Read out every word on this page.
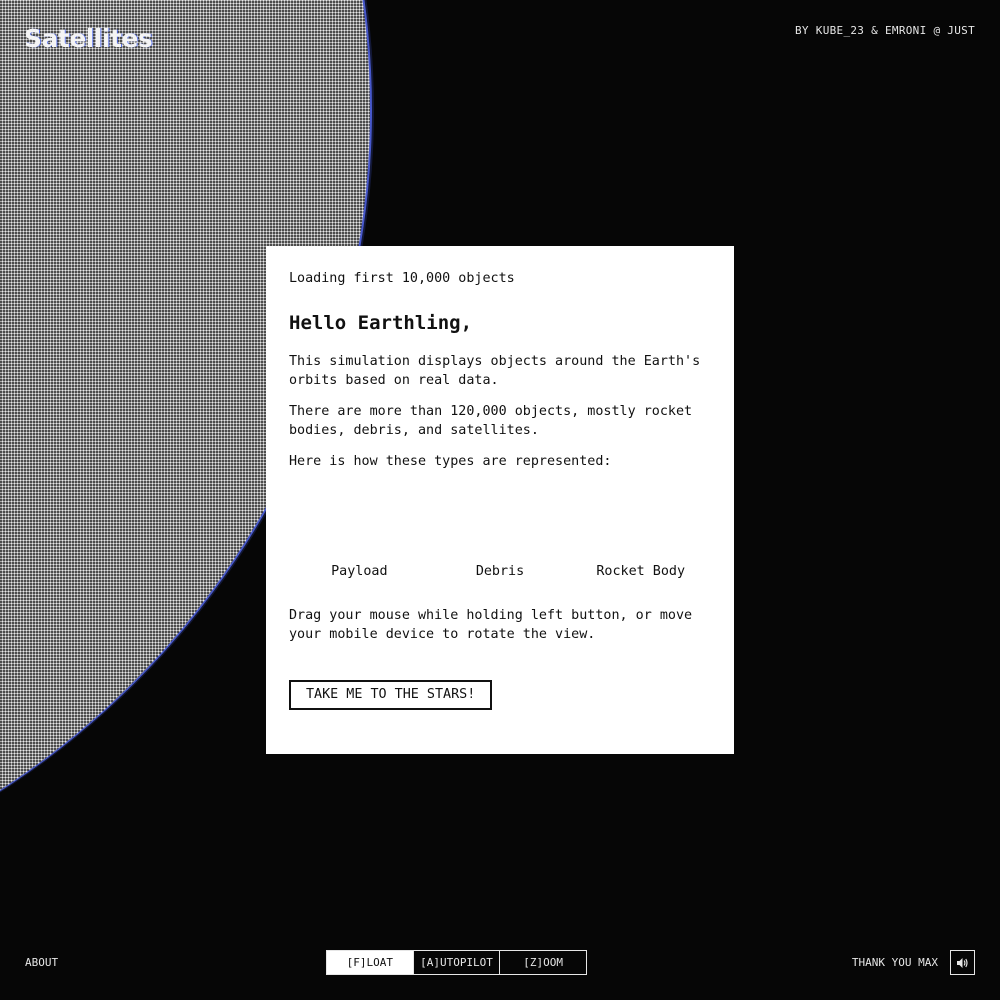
Satellites	BY KUBE_23 & EMRONI @ JUST
Loading first 10,000 objects
Hello Earthling,

This simulation displays objects around the Earth's orbits based on real data.

There are more than 120,000 objects, mostly rocket bodies, debris, and satellites.

Here is how these types are represented:

Payload	Debris	Rocket Body

Drag your mouse while holding left button, or move your mobile device to rotate the view.

TAKE ME TO THE STARS!
ABOUT	[F]LOAT	[A]UTOPILOT	[Z]OOM	THANK YOU MAX
